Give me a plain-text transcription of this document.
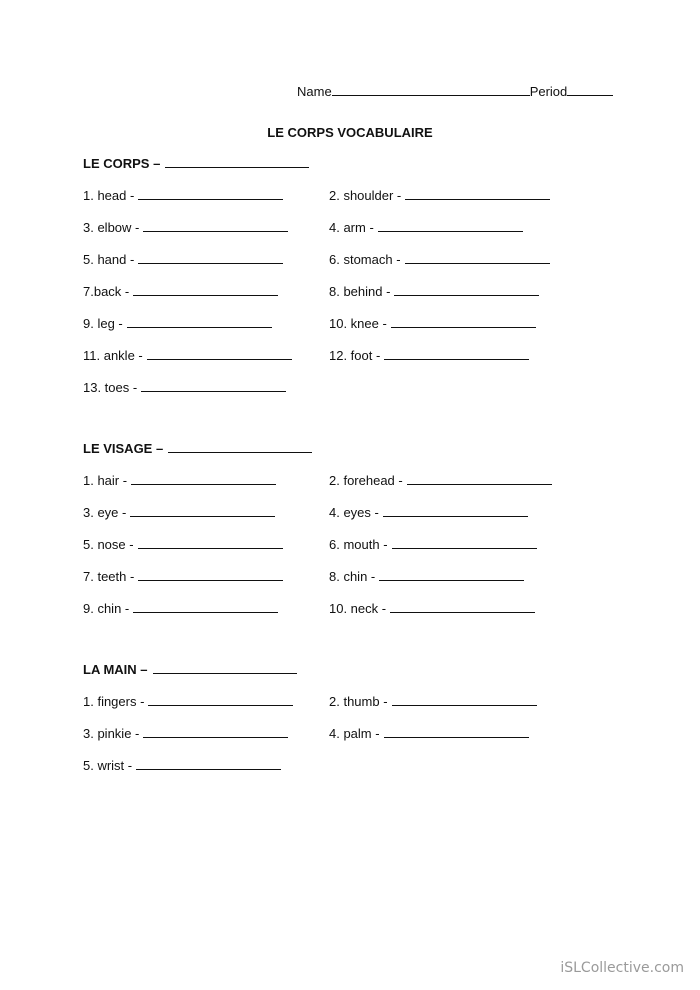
Name	Period
LE CORPS VOCABULAIRE
LE CORPS –
1. head -	2. shoulder -
3. elbow -	4. arm -
5. hand -	6. stomach -
7.back -	8. behind -
9. leg -	10. knee -
11. ankle -	12. foot -
13. toes -
LE VISAGE –
1. hair -	2. forehead -
3. eye -	4. eyes -
5. nose -	6. mouth -
7. teeth -	8. chin -
9. chin -	10. neck -
LA MAIN –
1. fingers -	2. thumb -
3. pinkie -	4. palm -
5. wrist -
iSLCollective.com
